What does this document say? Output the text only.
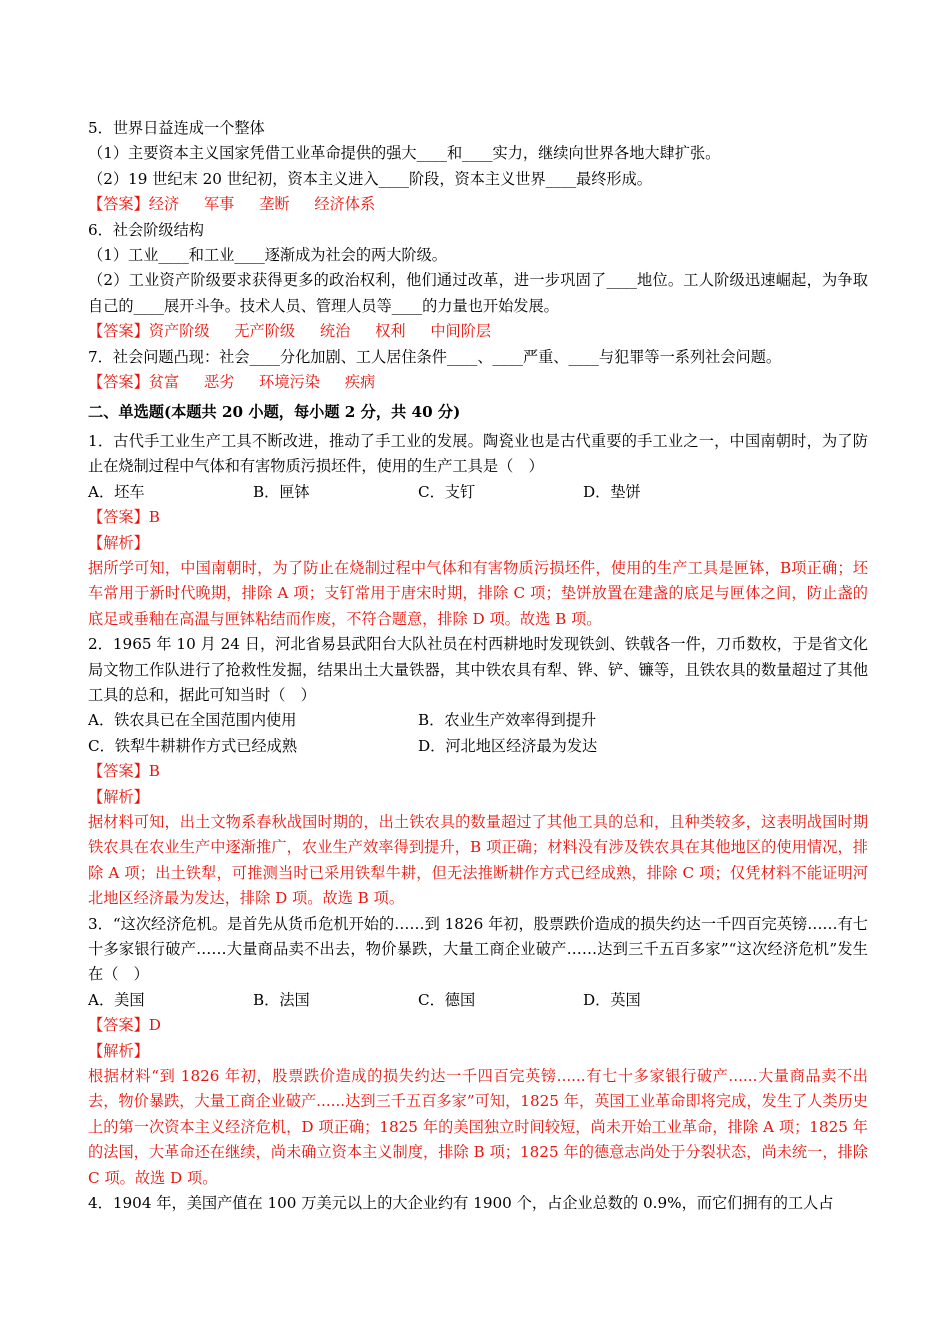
5．世界日益连成一个整体
（1）主要资本主义国家凭借工业革命提供的强大____和____实力，继续向世界各地大肆扩张。
（2）19 世纪末 20 世纪初，资本主义进入____阶段，资本主义世界____最终形成。
【答案】经济　  军事　  垄断　  经济体系
6．社会阶级结构
（1）工业____和工业____逐渐成为社会的两大阶级。
（2）工业资产阶级要求获得更多的政治权利，他们通过改革，进一步巩固了____地位。工人阶级迅速崛起，为争取自己的____展开斗争。技术人员、管理人员等____的力量也开始发展。
【答案】资产阶级　  无产阶级　  统治　  权利　  中间阶层
7．社会问题凸现：社会____分化加剧、工人居住条件____、____严重、____与犯罪等一系列社会问题。
【答案】贫富　  恶劣　  环境污染　  疾病
二、单选题(本题共 20 小题，每小题 2 分，共 40 分)
1．古代手工业生产工具不断改进，推动了手工业的发展。陶瓷业也是古代重要的手工业之一，中国南朝时，为了防止在烧制过程中气体和有害物质污损坯件，使用的生产工具是（　）
A．坯车	B．匣钵	C．支钉	D．垫饼
【答案】B
【解析】
据所学可知，中国南朝时，为了防止在烧制过程中气体和有害物质污损坯件，使用的生产工具是匣钵，B项正确；坯车常用于新时代晚期，排除 A 项；支钉常用于唐宋时期，排除 C 项；垫饼放置在建盏的底足与匣体之间，防止盏的底足或垂釉在高温与匣钵粘结而作废，不符合题意，排除 D 项。故选 B 项。
2．1965 年 10 月 24 日，河北省易县武阳台大队社员在村西耕地时发现铁剑、铁戟各一件，刀币数枚，于是省文化局文物工作队进行了抢救性发掘，结果出土大量铁器，其中铁农具有犁、铧、铲、镰等，且铁农具的数量超过了其他工具的总和，据此可知当时（　）
A．铁农具已在全国范围内使用	B．农业生产效率得到提升
C．铁犁牛耕耕作方式已经成熟	D．河北地区经济最为发达
【答案】B
【解析】
据材料可知，出土文物系春秋战国时期的，出土铁农具的数量超过了其他工具的总和，且种类较多，这表明战国时期铁农具在农业生产中逐渐推广，农业生产效率得到提升，B 项正确；材料没有涉及铁农具在其他地区的使用情况，排除 A 项；出土铁犁，可推测当时已采用铁犁牛耕，但无法推断耕作方式已经成熟，排除 C 项；仅凭材料不能证明河北地区经济最为发达，排除 D 项。故选 B 项。
3．“这次经济危机。是首先从货币危机开始的……到 1826 年初，股票跌价造成的损失约达一千四百完英镑……有七十多家银行破产……大量商品卖不出去，物价暴跌，大量工商企业破产……达到三千五百多家”“这次经济危机”发生在（　）
A．美国	B．法国	C．德国	D．英国
【答案】D
【解析】
根据材料“到 1826 年初，股票跌价造成的损失约达一千四百完英镑......有七十多家银行破产......大量商品卖不出去，物价暴跌，大量工商企业破产......达到三千五百多家”可知，1825 年，英国工业革命即将完成，发生了人类历史上的第一次资本主义经济危机，D 项正确；1825 年的美国独立时间较短，尚未开始工业革命，排除 A 项；1825 年的法国，大革命还在继续，尚未确立资本主义制度，排除 B 项；1825 年的德意志尚处于分裂状态，尚未统一，排除 C 项。故选 D 项。
4．1904 年，美国产值在 100 万美元以上的大企业约有 1900 个，占企业总数的 0.9%，而它们拥有的工人占
